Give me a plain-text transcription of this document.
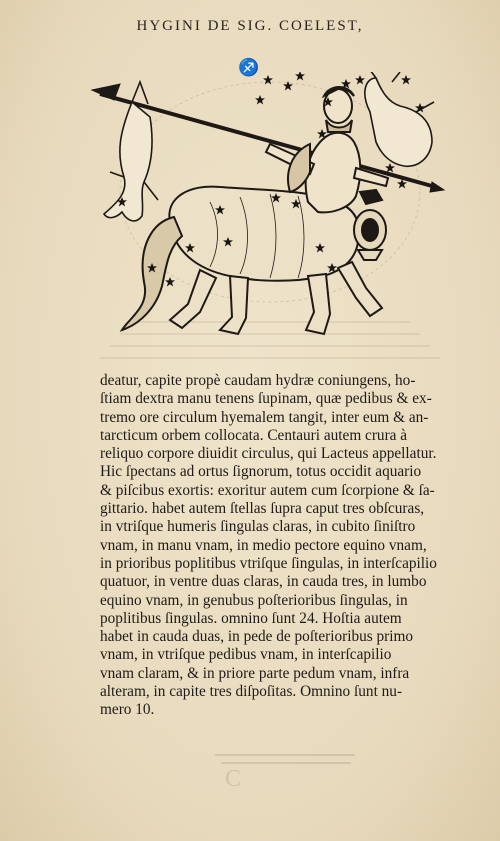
HYGINI DE SIG. COELEST,
♐
deatur, capite propè caudam hydræ coniungens, ho-
ſtiam dextra manu tenens ſupinam, quæ pedibus & ex-
tremo ore circulum hyemalem tangit, inter eum & an-
tarcticum orbem collocata. Centauri autem crura à
reliquo corpore diuidit circulus, qui Lacteus appellatur.
Hic ſpectans ad ortus ſignorum, totus occidit aquario
& piſcibus exortis: exoritur autem cum ſcorpione & ſa-
gittario. habet autem ſtellas ſupra caput tres obſcuras,
in vtriſque humeris ſingulas claras, in cubito ſiniſtro
vnam, in manu vnam, in medio pectore equino vnam,
in prioribus poplitibus vtriſque ſingulas, in interſcapilio
quatuor, in ventre duas claras, in cauda tres, in lumbo
equino vnam, in genubus poſterioribus ſingulas, in
poplitibus ſingulas. omnino ſunt 24. Hoſtia autem
habet in cauda duas, in pede de poſterioribus primo
vnam, in vtriſque pedibus vnam, in interſcapilio
vnam claram, & in priore parte pedum vnam, infra
alteram, in capite tres diſpoſitas. Omnino ſunt nu-
mero 10.
C
